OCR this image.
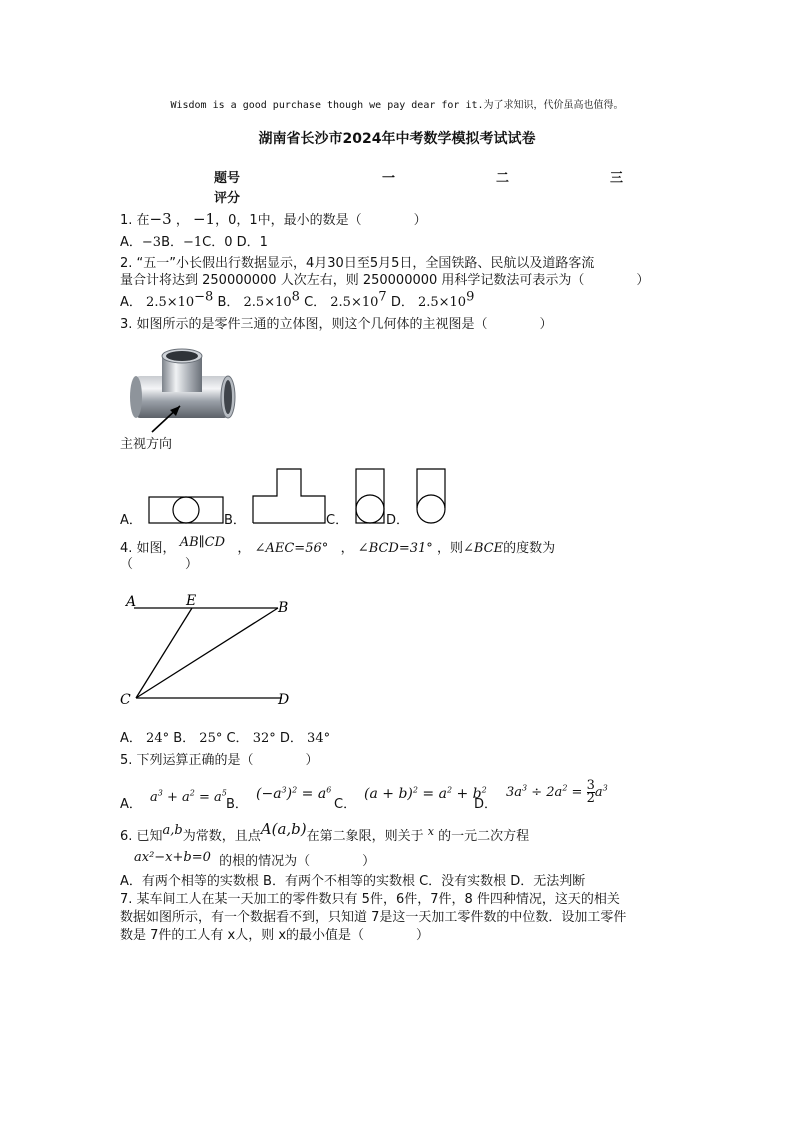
Wisdom is a good purchase though we pay dear for it.为了求知识，代价虽高也值得。
湖南省长沙市2024年中考数学模拟考试试卷
题号	一	二	三
评分
1. 在−3 ， −1，0，1中，最小的数是（　　　　）
A．−3B．−1C．0 D．1
2. “五一”小长假出行数据显示，4月30日至5月5日，全国铁路、民航以及道路客流
量合计将达到 250000000 人次左右，则 250000000 用科学记数法可表示为（　　　　）
A． $2.5\times 10^{-8}$ B． $2.5\times 10^8$ C． $2.5\times 10^7$ D． $2.5\times 10^9$
3. 如图所示的是零件三通的立体图，则这个几何体的主视图是（　　　　）
主视方向
A．	B．	C．	D．
4. 如图， AB∥CD ， ∠AEC=56° ， ∠BCD=31° ，则∠BCE的度数为
（　　　　）
A	E	B
C	D
A． 24° B． 25° C． 32° D． 34°
5. 下列运算正确的是（　　　　）
A． $a^3 + a^2 = a^5$
B．
$(-a^3)^2 = a^6$
C．
$(a + b)^2 = a^2 + b^2$
D．
$3a^3 \div 2a^2 = \frac{3}{2} a^3$
6. 已知a,b为常数，且点A(a,b)在第二象限，则关于 $^x$ 的一元二次方程
ax²−x+b=0 的根的情况为（　　　　）
A．有两个相等的实数根 B．有两个不相等的实数根 C．没有实数根 D．无法判断
7. 某车间工人在某一天加工的零件数只有 5件，6件，7件，8 件四种情况，这天的相关
数据如图所示，有一个数据看不到，只知道 7是这一天加工零件数的中位数．设加工零件
数是 7件的工人有 x人，则 x的最小值是（　　　　）
